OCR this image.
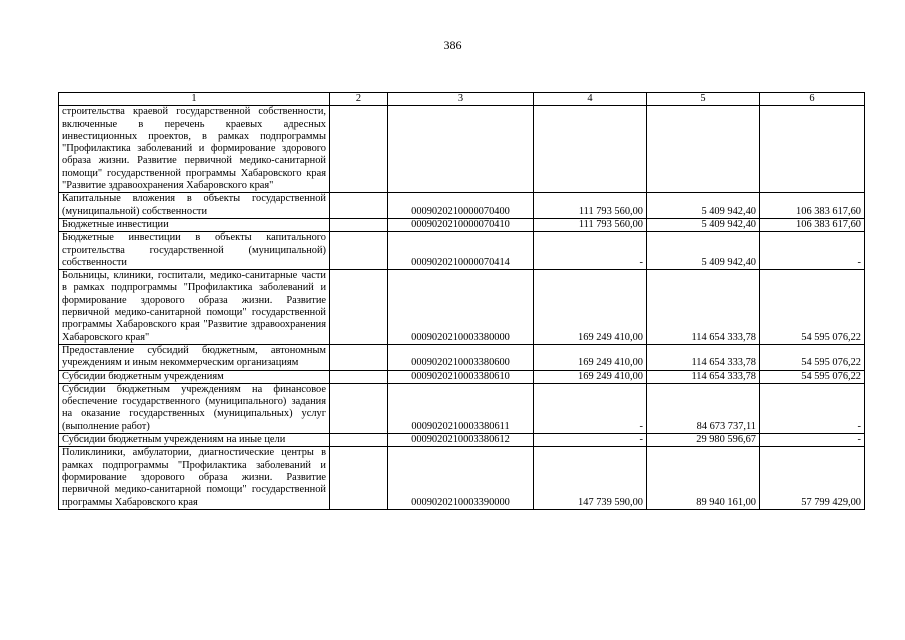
386
1	2	3	4	5	6
строительства краевой государственной собственности, включенные в перечень краевых адресных инвестиционных проектов, в рамках подпрограммы "Профилактика заболеваний и формирование здорового образа жизни. Развитие первичной медико-санитарной помощи" государственной программы Хабаровского края "Развитие здравоохранения Хабаровского края"					
Капитальные вложения в объекты государственной (муниципальной) собственности		0009020210000070400	111 793 560,00	5 409 942,40	106 383 617,60
Бюджетные инвестиции		0009020210000070410	111 793 560,00	5 409 942,40	106 383 617,60
Бюджетные инвестиции в объекты капитального строительства государственной (муниципальной) собственности		0009020210000070414	-	5 409 942,40	-
Больницы, клиники, госпитали, медико-санитарные части в рамках подпрограммы "Профилактика заболеваний и формирование здорового образа жизни. Развитие первичной медико-санитарной помощи" государственной программы Хабаровского края "Развитие здравоохранения Хабаровского края"		0009020210003380000	169 249 410,00	114 654 333,78	54 595 076,22
Предоставление субсидий бюджетным, автономным учреждениям и иным некоммерческим организациям		0009020210003380600	169 249 410,00	114 654 333,78	54 595 076,22
Субсидии бюджетным учреждениям		0009020210003380610	169 249 410,00	114 654 333,78	54 595 076,22
Субсидии бюджетным учреждениям на финансовое обеспечение государственного (муниципального) задания на оказание государственных (муниципальных) услуг (выполнение работ)		0009020210003380611	-	84 673 737,11	-
Субсидии бюджетным учреждениям на иные цели		0009020210003380612	-	29 980 596,67	-
Поликлиники, амбулатории, диагностические центры в рамках подпрограммы "Профилактика заболеваний и формирование здорового образа жизни. Развитие первичной медико-санитарной помощи" государственной программы Хабаровского края		0009020210003390000	147 739 590,00	89 940 161,00	57 799 429,00
